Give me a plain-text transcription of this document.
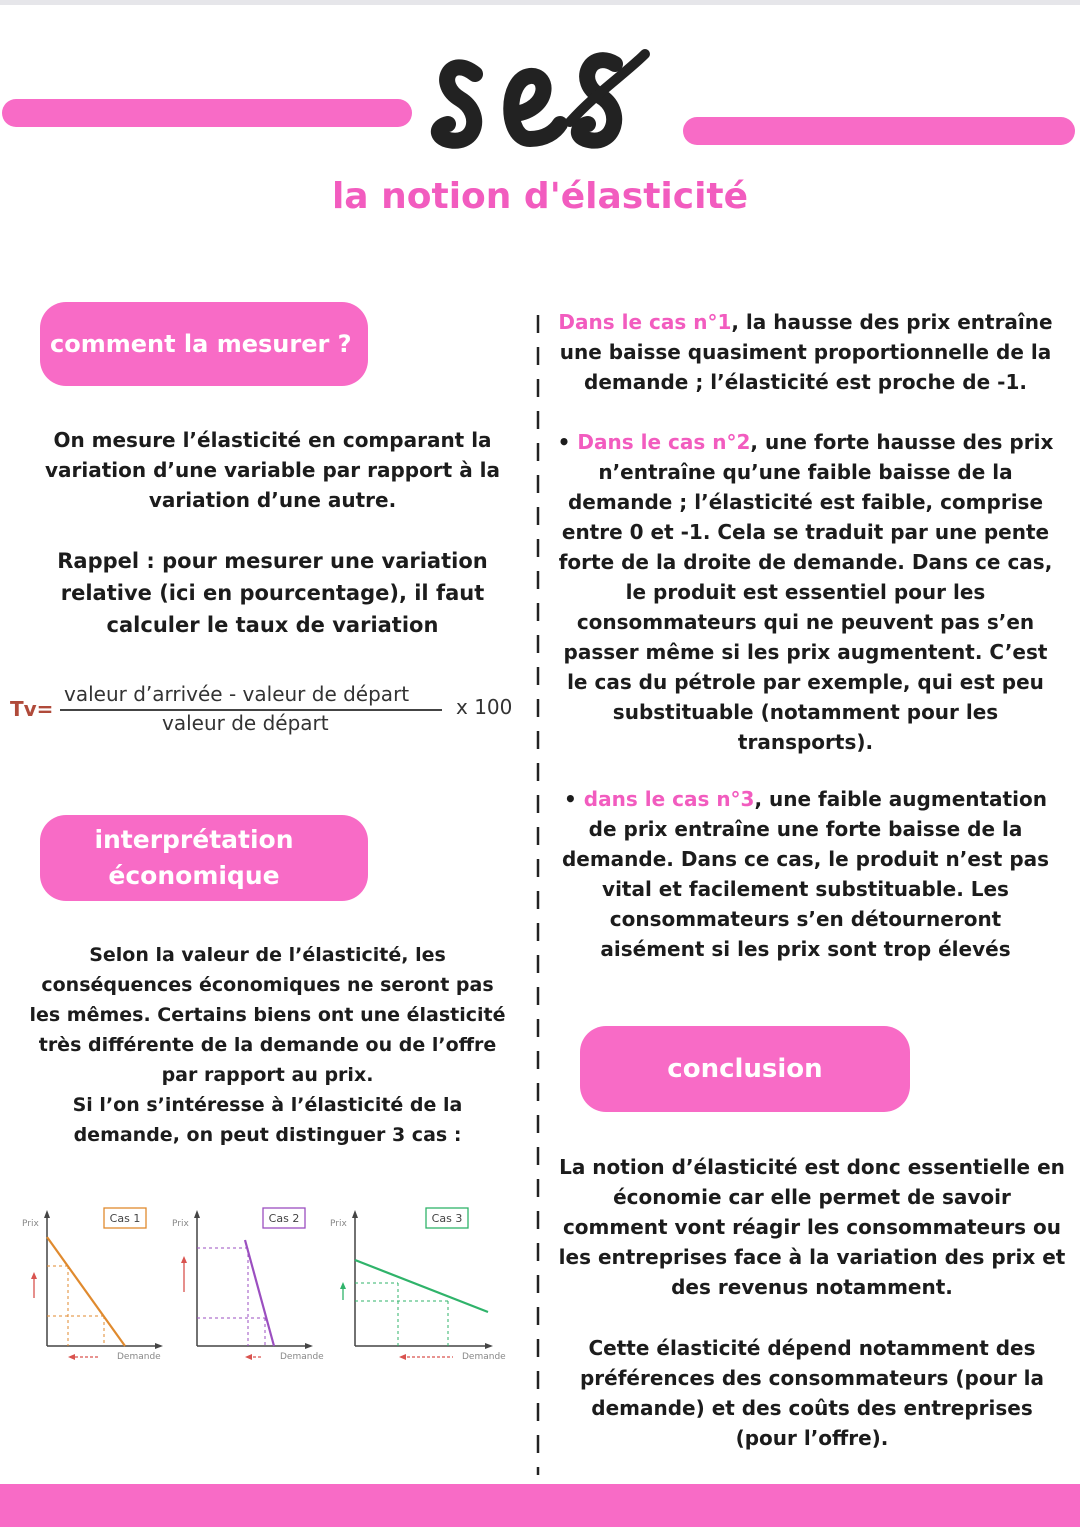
ses
la notion d'élasticité
comment la mesurer ?
On mesure l’élasticité en comparant la
variation d’une variable par rapport à la
variation d’une autre.
Rappel : pour mesurer une variation
relative (ici en pourcentage), il faut
calculer le taux de variation
Tv=
valeur d’arrivée - valeur de départ
valeur de départ
x 100
interprétation
économique
Selon la valeur de l’élasticité, les
conséquences économiques ne seront pas
les mêmes. Certains biens ont une élasticité
très différente de la demande ou de l’offre
par rapport au prix.
Si l’on s’intéresse à l’élasticité de la
demande, on peut distinguer 3 cas :
Prix
Demande
Cas 1	Prix
Demande
Cas 2	Prix
Demande
Cas 3
Dans le cas n°1, la hausse des prix entraîne
une baisse quasiment proportionnelle de la
demande ; l’élasticité est proche de -1.
• Dans le cas n°2, une forte hausse des prix
n’entraîne qu’une faible baisse de la
demande ; l’élasticité est faible, comprise
entre 0 et -1. Cela se traduit par une pente
forte de la droite de demande. Dans ce cas,
le produit est essentiel pour les
consommateurs qui ne peuvent pas s’en
passer même si les prix augmentent. C’est
le cas du pétrole par exemple, qui est peu
substituable (notamment pour les
transports).
• dans le cas n°3, une faible augmentation
de prix entraîne une forte baisse de la
demande. Dans ce cas, le produit n’est pas
vital et facilement substituable. Les
consommateurs s’en détourneront
aisément si les prix sont trop élevés
conclusion
La notion d’élasticité est donc essentielle en
économie car elle permet de savoir
comment vont réagir les consommateurs ou
les entreprises face à la variation des prix et
des revenus notamment.
Cette élasticité dépend notamment des
préférences des consommateurs (pour la
demande) et des coûts des entreprises
(pour l’offre).
